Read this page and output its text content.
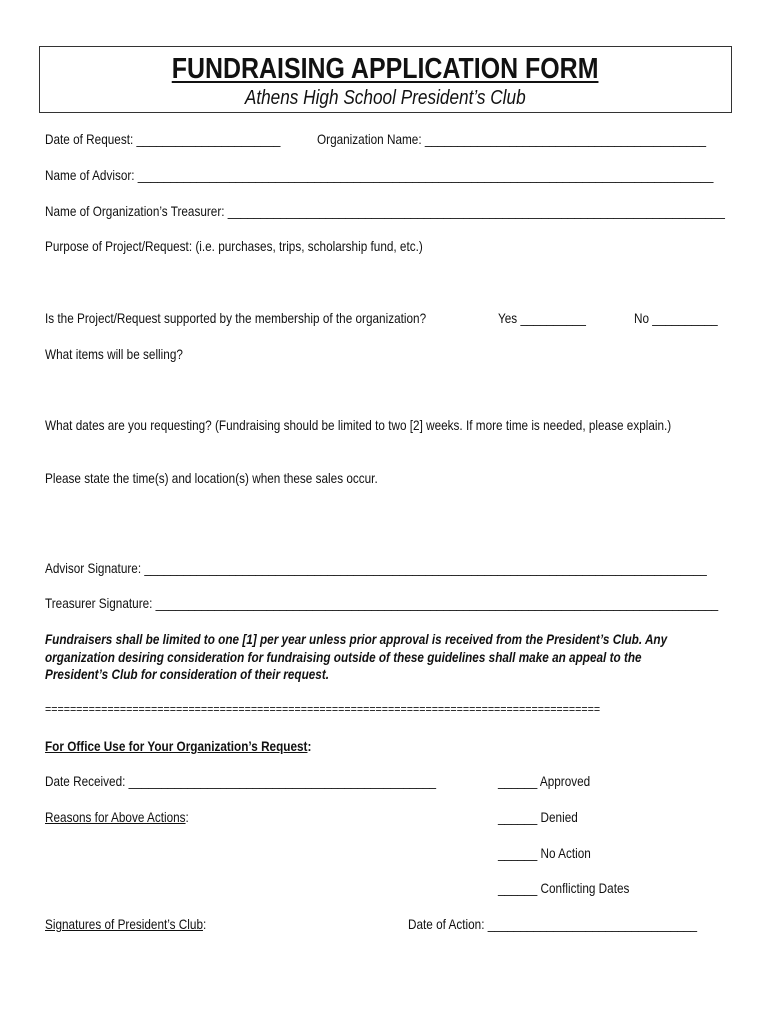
FUNDRAISING APPLICATION FORM
Athens High School President’s Club
Date of Request: ______________________	Organization Name: ___________________________________________
Name of Advisor: ________________________________________________________________________________________
Name of Organization’s Treasurer: ____________________________________________________________________________
Purpose of Project/Request: (i.e. purchases, trips, scholarship fund, etc.)
Is the Project/Request supported by the membership of the organization?	Yes __________	No __________
What items will be selling?
What dates are you requesting? (Fundraising should be limited to two [2] weeks. If more time is needed, please explain.)
Please state the time(s) and location(s) when these sales occur.
Advisor Signature: ______________________________________________________________________________________
Treasurer Signature: ______________________________________________________________________________________
Fundraisers shall be limited to one [1] per year unless prior approval is received from the President’s Club. Any
organization desiring consideration for fundraising outside of these guidelines shall make an appeal to the
President’s Club for consideration of their request.
=========================================================================================
For Office Use for Your Organization’s Request:
Date Received: _______________________________________________	______ Approved
Reasons for Above Actions:	______ Denied
______ No Action
______ Conflicting Dates
Signatures of President’s Club:	Date of Action: ________________________________
